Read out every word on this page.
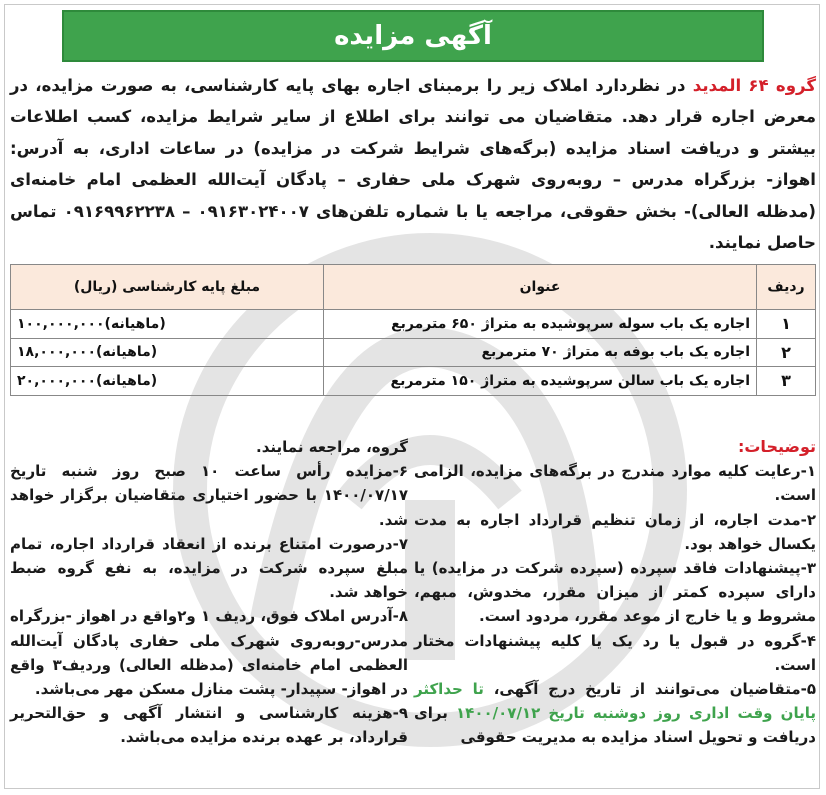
آگهی مزایده
گروه ۶۴ المدید در نظردارد املاک زیر را برمبنای اجاره بهای پایه کارشناسی، به صورت مزایده، در معرض اجاره قرار دهد. متقاضیان می توانند برای اطلاع از سایر شرایط مزایده، کسب اطلاعات بیشتر و دریافت اسناد مزایده (برگه‌های شرایط شرکت در مزایده) در ساعات اداری، به آدرس: اهواز- بزرگراه مدرس – روبه‌روی شهرک ملی حفاری – پادگان آیت‌الله العظمی امام خامنه‌ای (مدظله العالی)- بخش حقوقی، مراجعه یا با شماره تلفن‌های ۰۹۱۶۳۰۲۴۰۰۷ – ۰۹۱۶۹۹۶۲۲۳۸ تماس حاصل نمایند.
ردیف	عنوان	مبلغ پایه کارشناسی (ریال)
۱	اجاره یک باب سوله سرپوشیده به متراژ ۶۵۰ مترمربع	۱۰۰,۰۰۰,۰۰۰(ماهیانه)
۲	اجاره یک باب بوفه به متراژ ۷۰ مترمربع	۱۸,۰۰۰,۰۰۰(ماهیانه)
۳	اجاره یک باب سالن سرپوشیده به متراژ ۱۵۰ مترمربع	۲۰,۰۰۰,۰۰۰(ماهیانه)

توضیحات:

۱-رعایت کلیه موارد مندرج در برگه‌های مزایده، الزامی است.

۲-مدت اجاره، از زمان تنظیم قرارداد اجاره به مدت یکسال خواهد بود.

۳-پیشنهادات فاقد سپرده (سپرده شرکت در مزایده) یا دارای سپرده کمتر از میزان مقرر، مخدوش، مبهم، مشروط و یا خارج از موعد مقرر، مردود است.

۴-گروه در قبول یا رد یک یا کلیه پیشنهادات مختار است.

۵-متقاضیان می‌توانند از تاریخ درج آگهی، تا حداکثر پایان وقت اداری روز دوشنبه تاریخ ۱۴۰۰/۰۷/۱۲ برای دریافت و تحویل اسناد مزایده به مدیریت حقوقی

گروه، مراجعه نمایند.

۶-مزایده رأس ساعت ۱۰ صبح روز شنبه تاریخ ۱۴۰۰/۰۷/۱۷ با حضور اختیاری متقاضیان برگزار خواهد شد.

۷-درصورت امتناع برنده از انعقاد قرارداد اجاره، تمام مبلغ سپرده شرکت در مزایده، به نفع گروه ضبط خواهد شد.

۸-آدرس املاک فوق، ردیف ۱ و۲واقع در اهواز -بزرگراه مدرس-روبه‌روی شهرک ملی حفاری پادگان آیت‌الله العظمی امام خامنه‌ای (مدظله العالی) وردیف۳ واقع در اهواز- سپیدار- پشت منازل مسکن مهر می‌باشد.

۹-هزینه کارشناسی و انتشار آگهی و حق‌التحریر قرارداد، بر عهده برنده مزایده می‌باشد.
